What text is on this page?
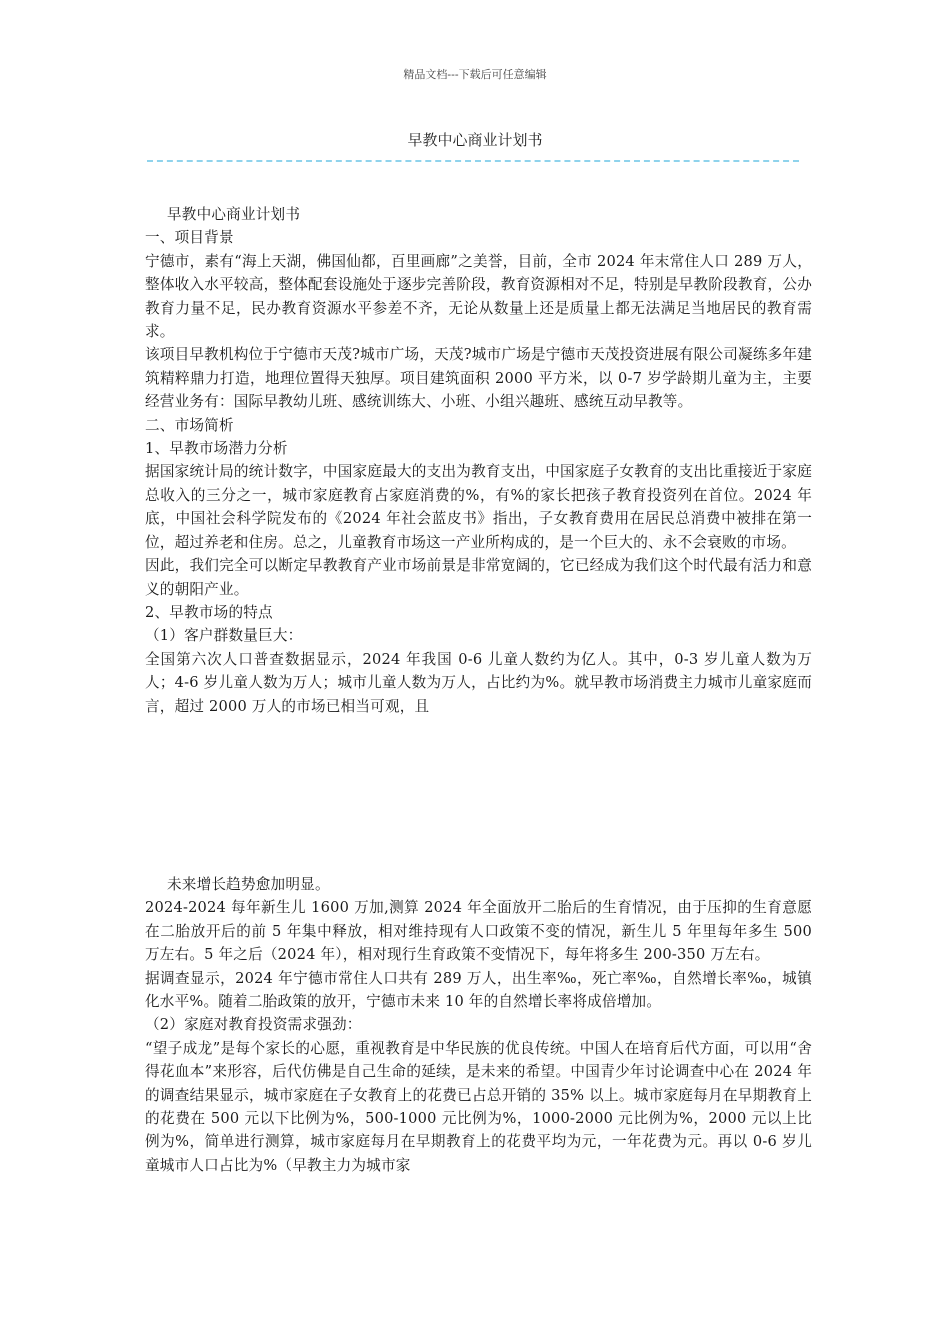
精品文档---下载后可任意编辑
早教中心商业计划书

早教中心商业计划书

一、项目背景

宁德市，素有“海上天湖，佛国仙都，百里画廊”之美誉，目前，全市 2024 年末常住人口 289 万人，整体收入水平较高，整体配套设施处于逐步完善阶段，教育资源相对不足，特别是早教阶段教育，公办教育力量不足，民办教育资源水平参差不齐，无论从数量上还是质量上都无法满足当地居民的教育需求。

该项目早教机构位于宁德市天茂?城市广场，天茂?城市广场是宁德市天茂投资进展有限公司凝练多年建筑精粹鼎力打造，地理位置得天独厚。项目建筑面积 2000 平方米，以 0-7 岁学龄期儿童为主，主要经营业务有：国际早教幼儿班、感统训练大、小班、小组兴趣班、感统互动早教等。

二、市场简析

1、早教市场潜力分析

据国家统计局的统计数字，中国家庭最大的支出为教育支出，中国家庭子女教育的支出比重接近于家庭总收入的三分之一，城市家庭教育占家庭消费的%，有%的家长把孩子教育投资列在首位。2024 年底，中国社会科学院发布的《2024 年社会蓝皮书》指出，子女教育费用在居民总消费中被排在第一位，超过养老和住房。总之，儿童教育市场这一产业所构成的，是一个巨大的、永不会衰败的市场。

因此，我们完全可以断定早教教育产业市场前景是非常宽阔的，它已经成为我们这个时代最有活力和意义的朝阳产业。

2、早教市场的特点

（1）客户群数量巨大：

全国第六次人口普查数据显示，2024 年我国 0-6 儿童人数约为亿人。其中，0-3 岁儿童人数为万人；4-6 岁儿童人数为万人；城市儿童人数为万人，占比约为%。就早教市场消费主力城市儿童家庭而言，超过 2000 万人的市场已相当可观，且

未来增长趋势愈加明显。

2024-2024 每年新生儿 1600 万加,测算 2024 年全面放开二胎后的生育情况，由于压抑的生育意愿在二胎放开后的前 5 年集中释放，相对维持现有人口政策不变的情况，新生儿 5 年里每年多生 500 万左右。5 年之后（2024 年），相对现行生育政策不变情况下，每年将多生 200-350 万左右。

据调查显示，2024 年宁德市常住人口共有 289 万人，出生率‰，死亡率‰，自然增长率‰，城镇化水平%。随着二胎政策的放开，宁德市未来 10 年的自然增长率将成倍增加。

（2）家庭对教育投资需求强劲：

“望子成龙”是每个家长的心愿，重视教育是中华民族的优良传统。中国人在培育后代方面，可以用“舍得花血本”来形容，后代仿佛是自己生命的延续，是未来的希望。中国青少年讨论调查中心在 2024 年的调查结果显示，城市家庭在子女教育上的花费已占总开销的 35% 以上。城市家庭每月在早期教育上的花费在 500 元以下比例为%，500-1000 元比例为%，1000-2000 元比例为%，2000 元以上比例为%，简单进行测算，城市家庭每月在早期教育上的花费平均为元，一年花费为元。再以 0-6 岁儿童城市人口占比为%（早教主力为城市家
